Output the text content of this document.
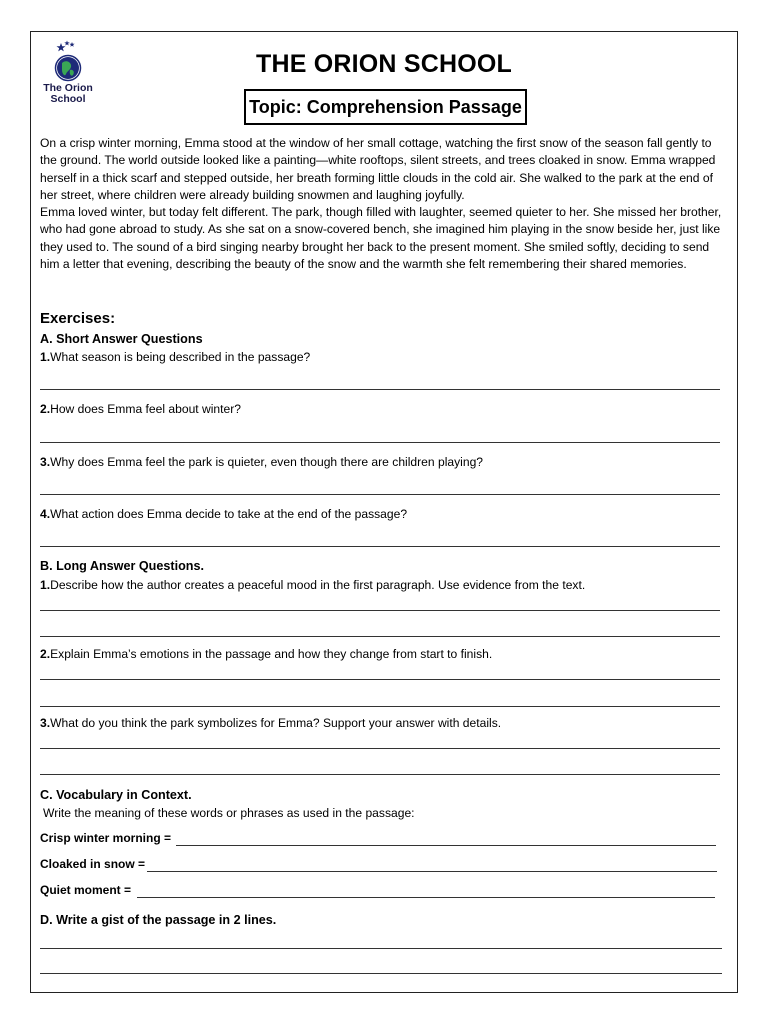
The Orion
School
THE ORION SCHOOL
Topic: Comprehension Passage

On a crisp winter morning, Emma stood at the window of her small cottage, watching the first snow of the season fall gently to the ground. The world outside looked like a painting—white rooftops, silent streets, and trees cloaked in snow. Emma wrapped herself in a thick scarf and stepped outside, her breath forming little clouds in the cold air. She walked to the park at the end of her street, where children were already building snowmen and laughing joyfully.

Emma loved winter, but today felt different. The park, though filled with laughter, seemed quieter to her. She missed her brother, who had gone abroad to study. As she sat on a snow-covered bench, she imagined him playing in the snow beside her, just like they used to. The sound of a bird singing nearby brought her back to the present moment. She smiled softly, deciding to send him a letter that evening, describing the beauty of the snow and the warmth she felt remembering their shared memories.

Exercises:
A. Short Answer Questions
1.What season is being described in the passage?
2.How does Emma feel about winter?
3.Why does Emma feel the park is quieter, even though there are children playing?
4.What action does Emma decide to take at the end of the passage?
B. Long Answer Questions.
1.Describe how the author creates a peaceful mood in the first paragraph. Use evidence from the text.
2.Explain Emma’s emotions in the passage and how they change from start to finish.
3.What do you think the park symbolizes for Emma? Support your answer with details.
C. Vocabulary in Context.
Write the meaning of these words or phrases as used in the passage:
Crisp winter morning =
Cloaked in snow =
Quiet moment =
D. Write a gist of the passage in 2 lines.
